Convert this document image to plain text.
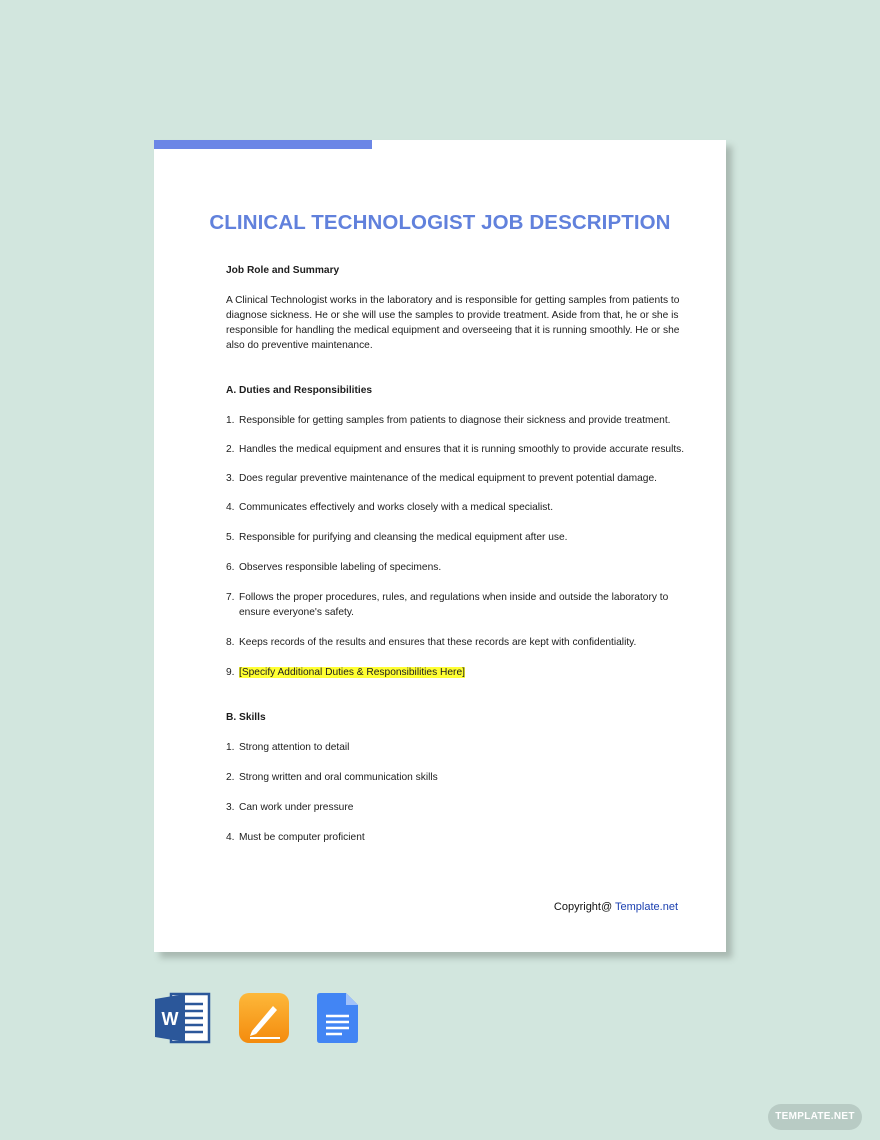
CLINICAL TECHNOLOGIST JOB DESCRIPTION

Job Role and Summary

A Clinical Technologist works in the laboratory and is responsible for getting samples from patients to diagnose sickness. He or she will use the samples to provide treatment. Aside from that, he or she is responsible for handling the medical equipment and overseeing that it is running smoothly. He or she also do preventive maintenance.

A. Duties and Responsibilities

1. Responsible for getting samples from patients to diagnose their sickness and provide treatment.

2. Handles the medical equipment and ensures that it is running smoothly to provide accurate results.

3. Does regular preventive maintenance of the medical equipment to prevent potential damage.

4. Communicates effectively and works closely with a medical specialist.

5. Responsible for purifying and cleansing the medical equipment after use.

6. Observes responsible labeling of specimens.

7. Follows the proper procedures, rules, and regulations when inside and outside the laboratory to ensure everyone's safety.

8. Keeps records of the results and ensures that these records are kept with confidentiality.

9. [Specify Additional Duties & Responsibilities Here]

B. Skills

1. Strong attention to detail

2. Strong written and oral communication skills

3. Can work under pressure

4. Must be computer proficient

Copyright@ Template.net
W
TEMPLATE.NET
